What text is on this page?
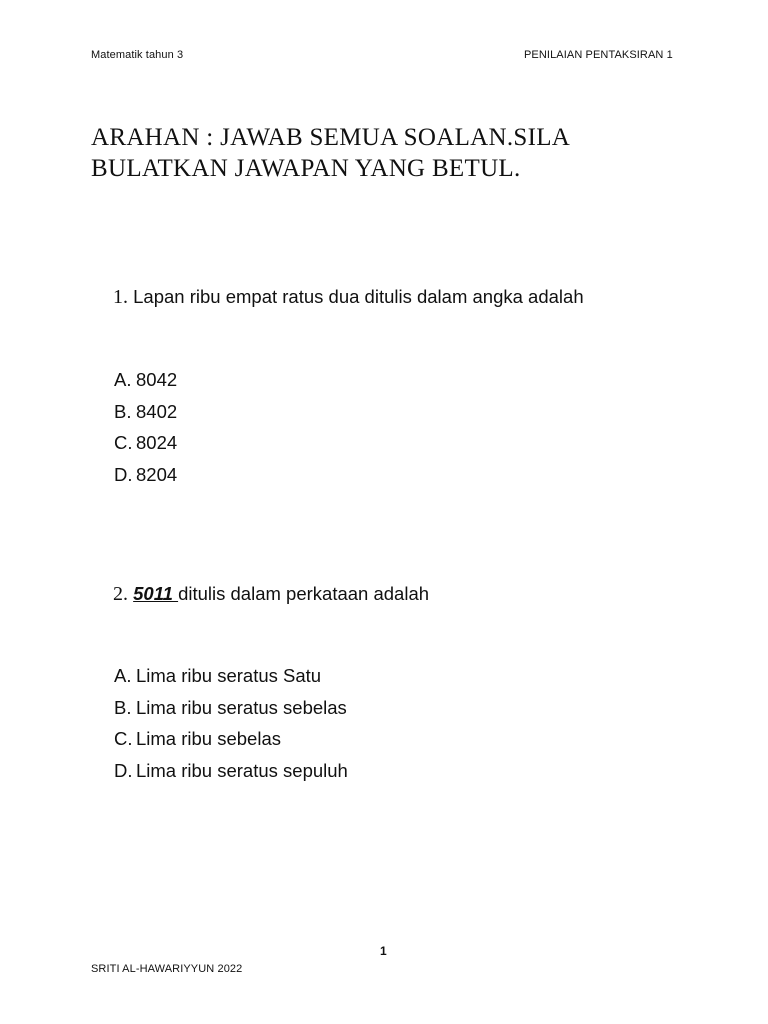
Matematik tahun 3	PENILAIAN PENTAKSIRAN 1
ARAHAN : JAWAB SEMUA SOALAN.SILA
BULATKAN JAWAPAN YANG BETUL.
1. Lapan ribu empat ratus dua ditulis dalam angka adalah
A. 8042
B. 8402
C. 8024
D. 8204
2. 5011 ditulis dalam perkataan adalah
A. Lima ribu seratus Satu
B. Lima ribu seratus sebelas
C. Lima ribu sebelas
D. Lima ribu seratus sepuluh
1
SRITI AL-HAWARIYYUN 2022
